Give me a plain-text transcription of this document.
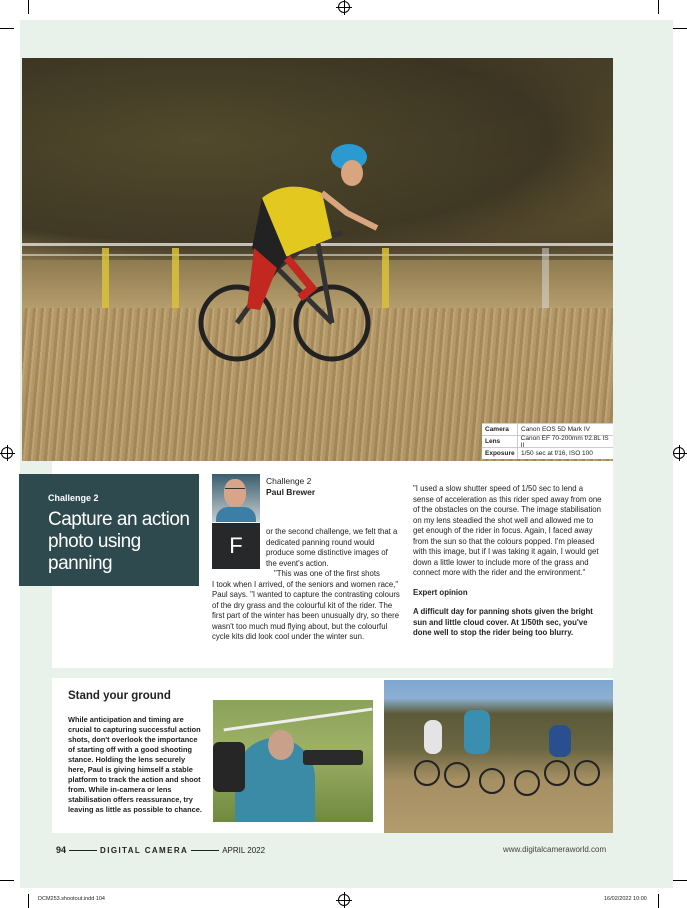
Camera	Canon EOS 5D Mark IV
Lens	Canon EF 70-200mm f/2.8L IS II
Exposure 1/50 sec at f/16, ISO 100
Challenge 2
Capture an action photo using panning
Challenge 2
Paul Brewer
F
or the second challenge, we felt that a dedicated panning round would produce some distinctive images of the event's action.
"This was one of the first shots
I took when I arrived, of the seniors and women race," Paul says. "I wanted to capture the contrasting colours of the dry grass and the colourful kit of the rider. The first part of the winter has been unusually dry, so there wasn't too much mud flying about, but the colourful cycle kits did look cool under the winter sun.

"I used a slow shutter speed of 1/50 sec to lend a sense of acceleration as this rider sped away from one of the obstacles on the course. The image stabilisation on my lens steadied the shot well and allowed me to get enough of the rider in focus. Again, I faced away from the sun so that the colours popped. I'm pleased with this image, but if I was taking it again, I would get down a little lower to include more of the grass and connect more with the rider and the environment."

Expert opinion

A difficult day for panning shots given the bright sun and little cloud cover. At 1/50th sec, you've done well to stop the rider being too blurry.

Stand your ground
While anticipation and timing are crucial to capturing successful action shots, don't overlook the importance of starting off with a good shooting stance. Holding the lens securely here, Paul is giving himself a stable platform to track the action and shoot from. While in-camera or lens stabilisation offers reassurance, try leaving as little as possible to chance.
94	DIGITAL CAMERA	APRIL 2022	www.digitalcameraworld.com
DCM253.shootout.indd 104	16/02/2022 10:00
